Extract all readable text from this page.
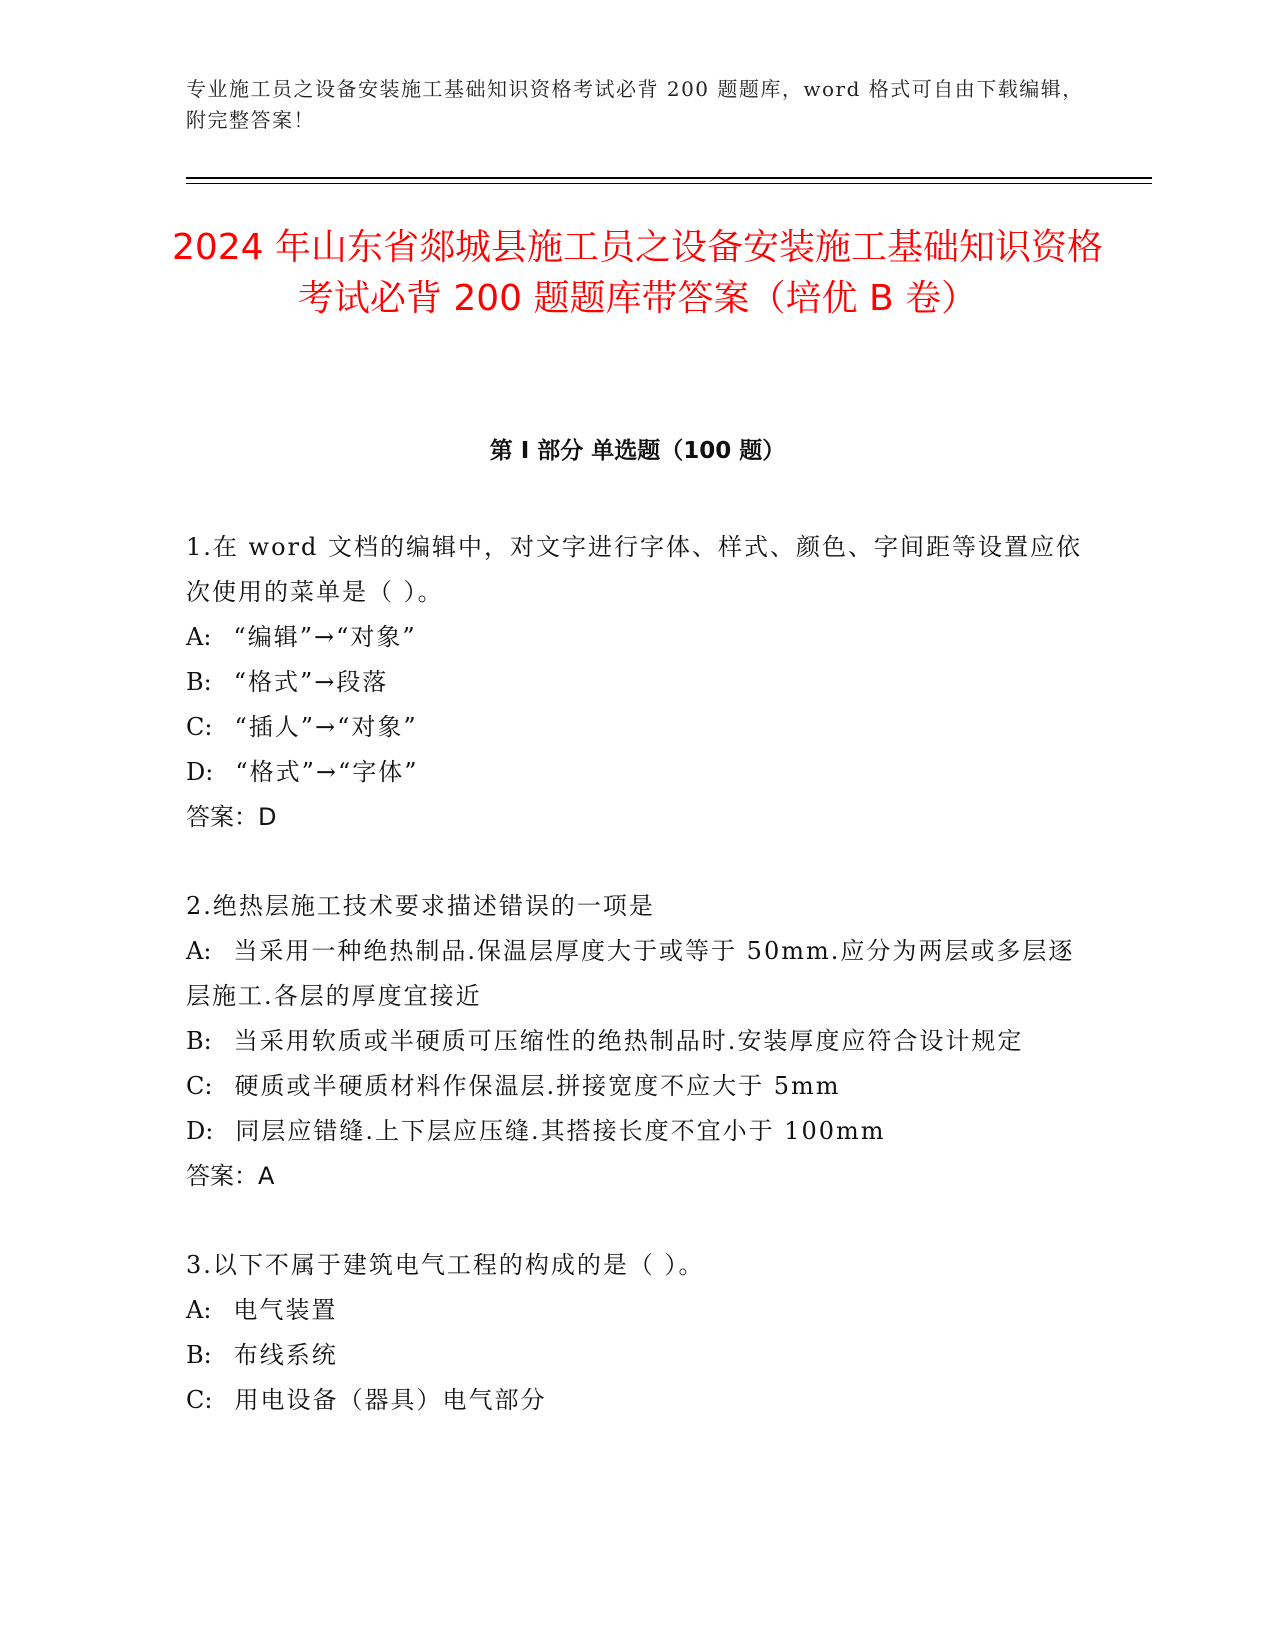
专业施工员之设备安装施工基础知识资格考试必背 200 题题库，word 格式可自由下载编辑，附完整答案！
2024 年山东省郯城县施工员之设备安装施工基础知识资格考试必背 200 题题库带答案（培优 B 卷）
第 I 部分 单选题（100 题）

1.在 word 文档的编辑中，对文字进行字体、样式、颜色、字间距等设置应依次使用的菜单是（ ）。

A: “编辑”→“对象”

B: “格式”→段落

C: “插人”→“对象”

D: “格式”→“字体”

答案：D

2.绝热层施工技术要求描述错误的一项是

A: 当采用一种绝热制品.保温层厚度大于或等于 50mm.应分为两层或多层逐层施工.各层的厚度宜接近

B: 当采用软质或半硬质可压缩性的绝热制品时.安装厚度应符合设计规定

C: 硬质或半硬质材料作保温层.拼接宽度不应大于 5mm

D: 同层应错缝.上下层应压缝.其搭接长度不宜小于 100mm

答案：A

3.以下不属于建筑电气工程的构成的是（ ）。

A: 电气装置

B: 布线系统

C: 用电设备（器具）电气部分
